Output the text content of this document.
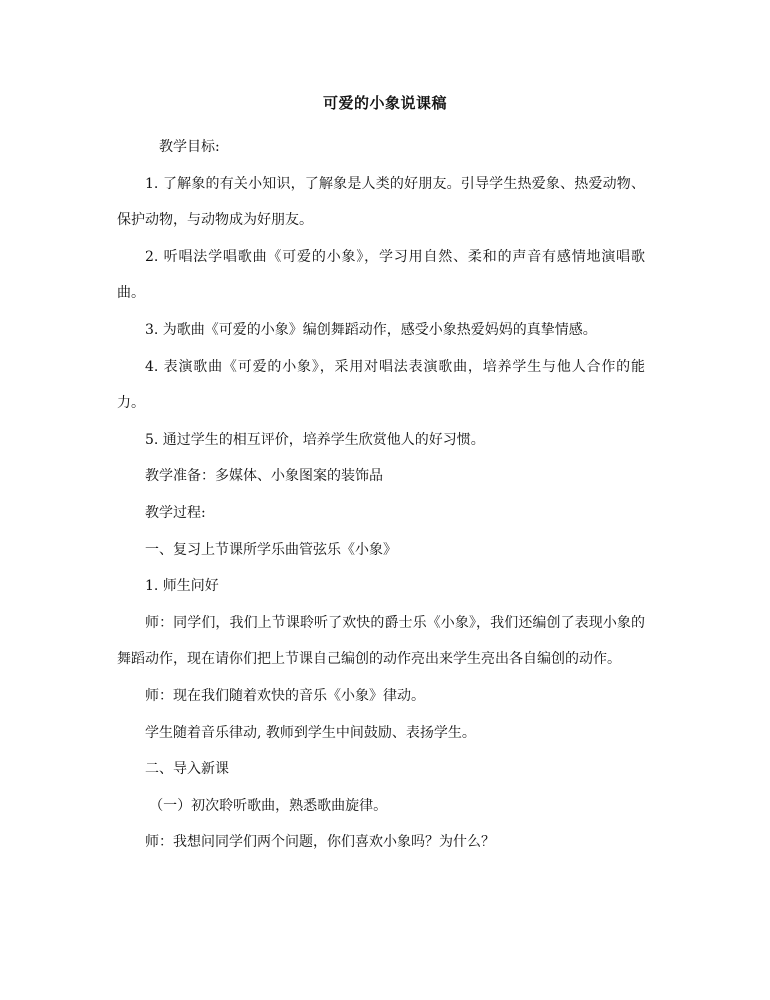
可爱的小象说课稿

教学目标:

1. 了解象的有关小知识，了解象是人类的好朋友。引导学生热爱象、热爱动物、保护动物，与动物成为好朋友。

2. 听唱法学唱歌曲《可爱的小象》，学习用自然、柔和的声音有感情地演唱歌曲。

3. 为歌曲《可爱的小象》编创舞蹈动作，感受小象热爱妈妈的真挚情感。

4. 表演歌曲《可爱的小象》，采用对唱法表演歌曲，培养学生与他人合作的能力。

5. 通过学生的相互评价，培养学生欣赏他人的好习惯。

教学准备：多媒体、小象图案的装饰品

教学过程:

一、复习上节课所学乐曲管弦乐《小象》

1. 师生问好

师：同学们，我们上节课聆听了欢快的爵士乐《小象》，我们还编创了表现小象的舞蹈动作，现在请你们把上节课自己编创的动作亮出来学生亮出各自编创的动作。

师：现在我们随着欢快的音乐《小象》律动。

学生随着音乐律动, 教师到学生中间鼓励、表扬学生。

二、导入新课

（一）初次聆听歌曲，熟悉歌曲旋律。

师：我想问同学们两个问题，你们喜欢小象吗？为什么？
